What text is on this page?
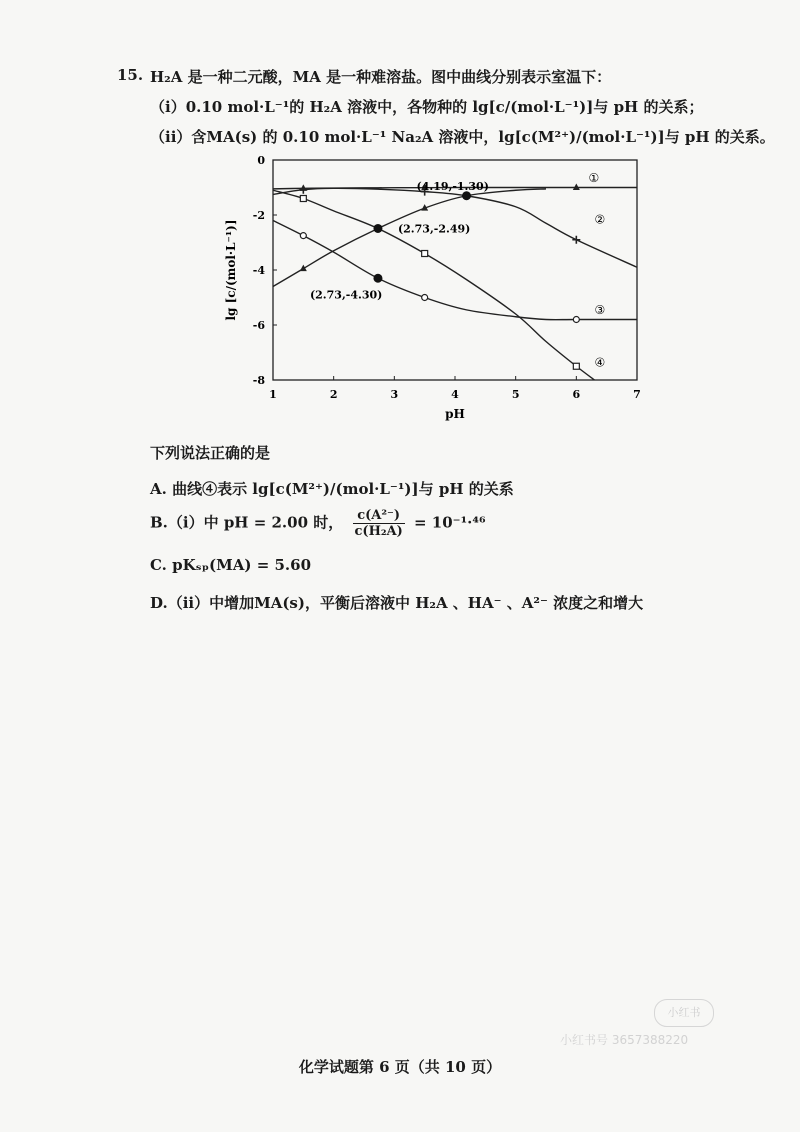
15. H₂A 是一种二元酸，MA 是一种难溶盐。图中曲线分别表示室温下：
（i）0.10 mol·L⁻¹的 H₂A 溶液中，各物种的 lg[c/(mol·L⁻¹)]与 pH 的关系；
（ii）含MA(s) 的 0.10 mol·L⁻¹ Na₂A 溶液中，lg[c(M²⁺)/(mol·L⁻¹)]与 pH 的关系。
1	2	3	4	5	6	7
0
-2
-4
-6
-8
pH
lg [c/(mol·L⁻¹)]
①
②
③
④
(4.19,-1.30)
(2.73,-2.49)
(2.73,-4.30)
下列说法正确的是
A. 曲线④表示 lg[c(M²⁺)/(mol·L⁻¹)]与 pH 的关系
B.（i）中 pH = 2.00 时， $\frac{\text{c(A²⁻)}}{\text{c(H₂A)}} = 10^{-1}\cdot^{46}$
C. pKₛₚ(MA) = 5.60
D.（ii）中增加MA(s)，平衡后溶液中 H₂A 、HA⁻ 、A²⁻ 浓度之和增大
小红书
小红书号 3657388220
化学试题第 6 页（共 10 页）
